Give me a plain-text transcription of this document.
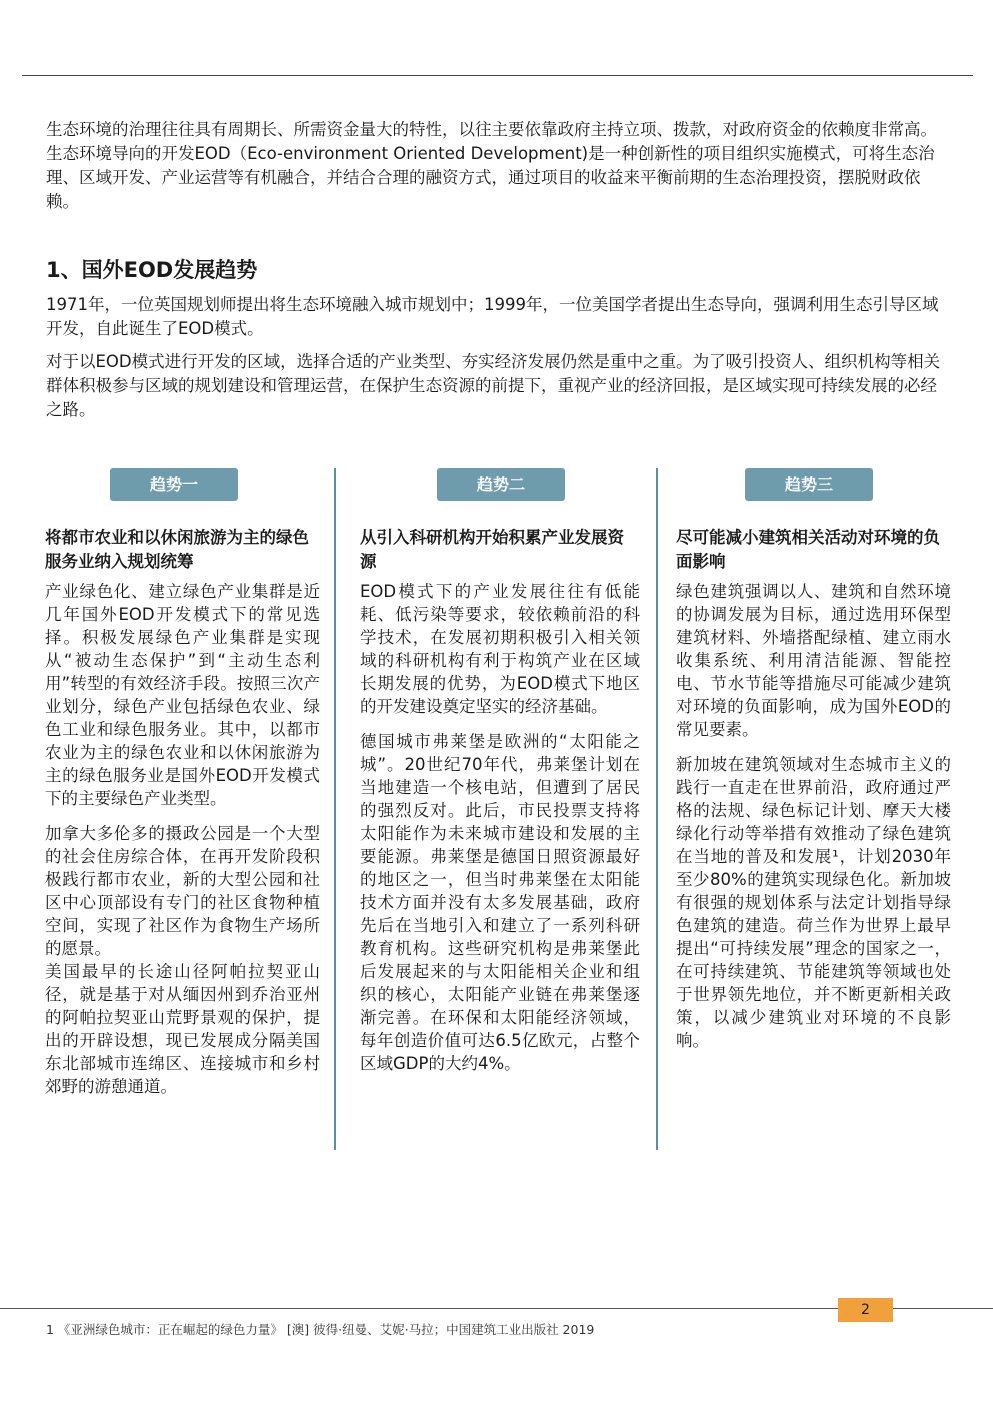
生态环境的治理往往具有周期长、所需资金量大的特性，以往主要依靠政府主持立项、拨款，对政府资金的依赖度非常高。生态环境导向的开发EOD（Eco-environment Oriented Development)是一种创新性的项目组织实施模式，可将生态治理、区域开发、产业运营等有机融合，并结合合理的融资方式，通过项目的收益来平衡前期的生态治理投资，摆脱财政依赖。

1、国外EOD发展趋势

1971年，一位英国规划师提出将生态环境融入城市规划中；1999年，一位美国学者提出生态导向，强调利用生态引导区域开发，自此诞生了EOD模式。

对于以EOD模式进行开发的区域，选择合适的产业类型、夯实经济发展仍然是重中之重。为了吸引投资人、组织机构等相关群体积极参与区域的规划建设和管理运营，在保护生态资源的前提下，重视产业的经济回报，是区域实现可持续发展的必经之路。

趋势一
将都市农业和以休闲旅游为主的绿色服务业纳入规划统筹

产业绿色化、建立绿色产业集群是近几年国外EOD开发模式下的常见选择。积极发展绿色产业集群是实现从“被动生态保护”到“主动生态利用”转型的有效经济手段。按照三次产业划分，绿色产业包括绿色农业、绿色工业和绿色服务业。其中，以都市农业为主的绿色农业和以休闲旅游为主的绿色服务业是国外EOD开发模式下的主要绿色产业类型。

加拿大多伦多的摄政公园是一个大型的社会住房综合体，在再开发阶段积极践行都市农业，新的大型公园和社区中心顶部设有专门的社区食物种植空间，实现了社区作为食物生产场所的愿景。

美国最早的长途山径阿帕拉契亚山径，就是基于对从缅因州到乔治亚州的阿帕拉契亚山荒野景观的保护，提出的开辟设想，现已发展成分隔美国东北部城市连绵区、连接城市和乡村郊野的游憩通道。

趋势二
从引入科研机构开始积累产业发展资源

EOD模式下的产业发展往往有低能耗、低污染等要求，较依赖前沿的科学技术，在发展初期积极引入相关领域的科研机构有利于构筑产业在区域长期发展的优势，为EOD模式下地区的开发建设奠定坚实的经济基础。

德国城市弗莱堡是欧洲的“太阳能之城”。20世纪70年代，弗莱堡计划在当地建造一个核电站，但遭到了居民的强烈反对。此后，市民投票支持将太阳能作为未来城市建设和发展的主要能源。弗莱堡是德国日照资源最好的地区之一，但当时弗莱堡在太阳能技术方面并没有太多发展基础，政府先后在当地引入和建立了一系列科研教育机构。这些研究机构是弗莱堡此后发展起来的与太阳能相关企业和组织的核心，太阳能产业链在弗莱堡逐渐完善。在环保和太阳能经济领域，每年创造价值可达6.5亿欧元，占整个区域GDP的大约4%。

趋势三
尽可能减小建筑相关活动对环境的负面影响

绿色建筑强调以人、建筑和自然环境的协调发展为目标，通过选用环保型建筑材料、外墙搭配绿植、建立雨水收集系统、利用清洁能源、智能控电、节水节能等措施尽可能减少建筑对环境的负面影响，成为国外EOD的常见要素。

新加坡在建筑领域对生态城市主义的践行一直走在世界前沿，政府通过严格的法规、绿色标记计划、摩天大楼绿化行动等举措有效推动了绿色建筑在当地的普及和发展¹，计划2030年至少80%的建筑实现绿色化。新加坡有很强的规划体系与法定计划指导绿色建筑的建造。荷兰作为世界上最早提出“可持续发展”理念的国家之一，在可持续建筑、节能建筑等领域也处于世界领先地位，并不断更新相关政策，以减少建筑业对环境的不良影响。

2

1 《亚洲绿色城市：正在崛起的绿色力量》 [澳] 彼得·纽曼、艾妮·马拉；中国建筑工业出版社 2019
